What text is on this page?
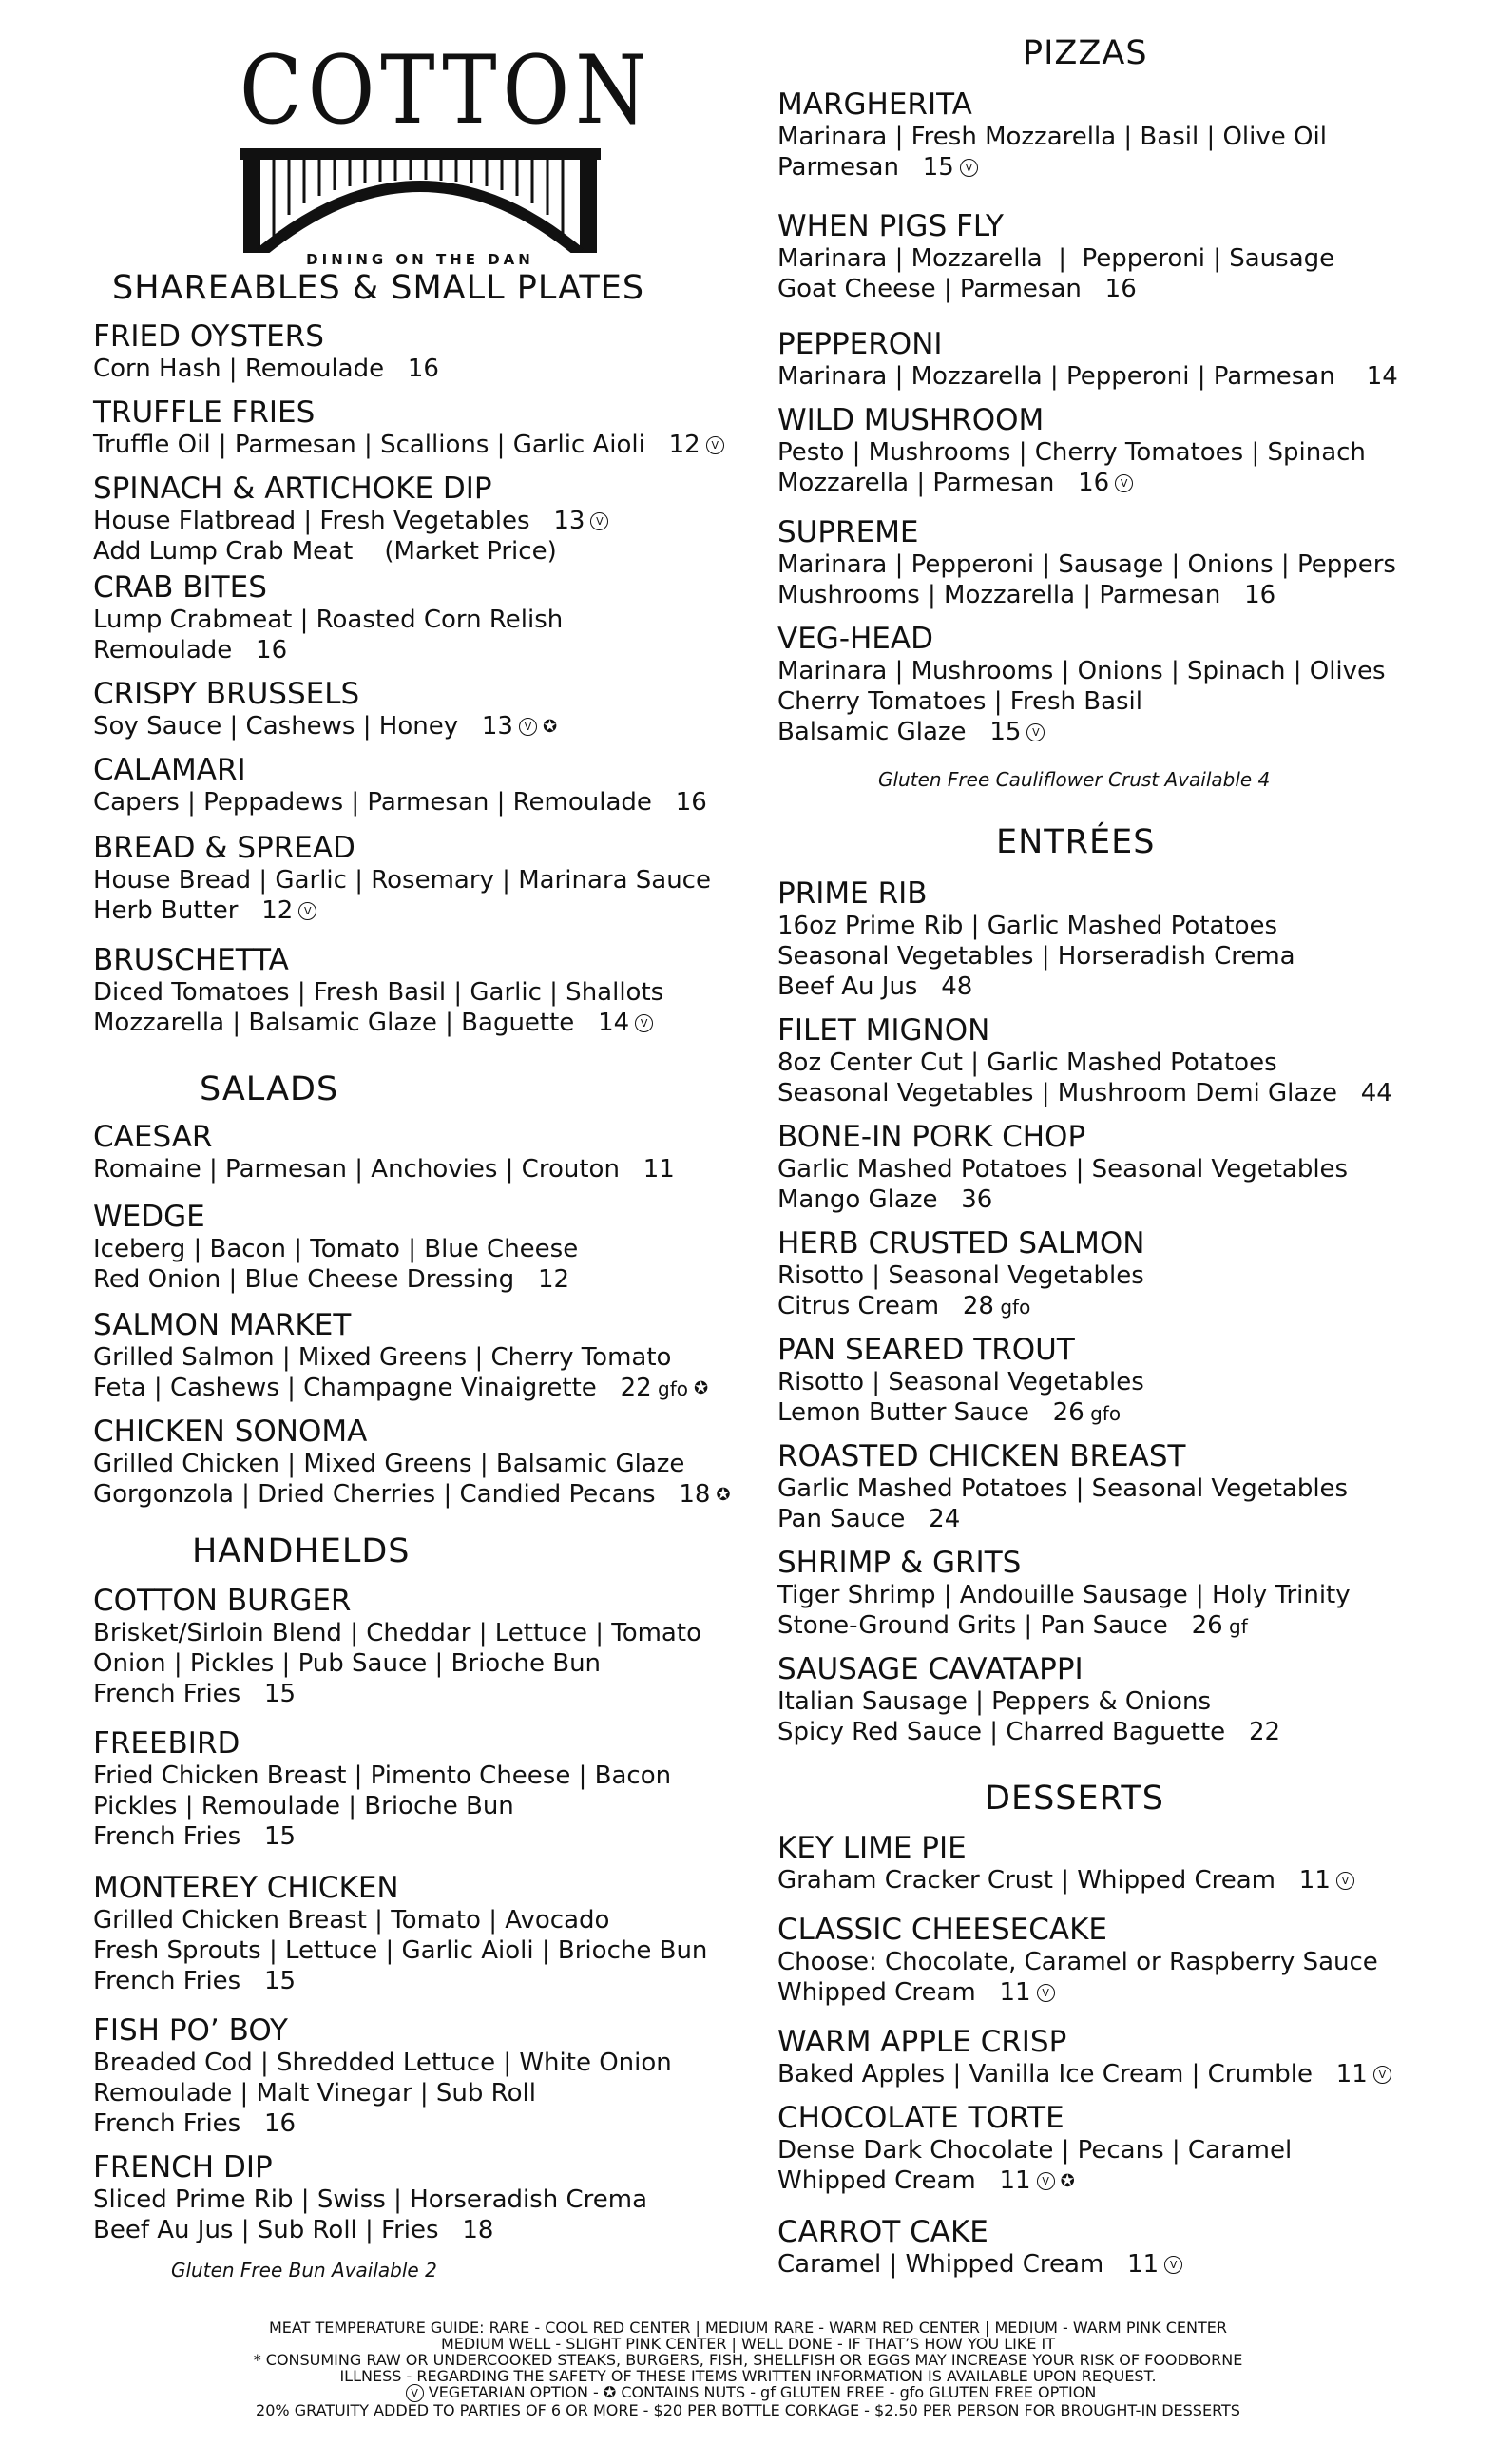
COTTON
DINING ON THE DAN
SHAREABLES & SMALL PLATES
FRIED OYSTERS
Corn Hash | Remoulade   16
TRUFFLE FRIES
Truffle Oil | Parmesan | Scallions | Garlic Aioli   12 V
SPINACH & ARTICHOKE DIP
House Flatbread | Fresh Vegetables   13 V
Add Lump Crab Meat    (Market Price)
CRAB BITES
Lump Crabmeat | Roasted Corn Relish
Remoulade   16
CRISPY BRUSSELS
Soy Sauce | Cashews | Honey   13 V ✪
CALAMARI
Capers | Peppadews | Parmesan | Remoulade   16
BREAD & SPREAD
House Bread | Garlic | Rosemary | Marinara Sauce
Herb Butter   12 V
BRUSCHETTA
Diced Tomatoes | Fresh Basil | Garlic | Shallots
Mozzarella | Balsamic Glaze | Baguette   14 V
SALADS
CAESAR
Romaine | Parmesan | Anchovies | Crouton   11
WEDGE
Iceberg | Bacon | Tomato | Blue Cheese
Red Onion | Blue Cheese Dressing   12
SALMON MARKET
Grilled Salmon | Mixed Greens | Cherry Tomato
Feta | Cashews | Champagne Vinaigrette   22 gfo ✪
CHICKEN SONOMA
Grilled Chicken | Mixed Greens | Balsamic Glaze
Gorgonzola | Dried Cherries | Candied Pecans   18 ✪
HANDHELDS
COTTON BURGER
Brisket/Sirloin Blend | Cheddar | Lettuce | Tomato
Onion | Pickles | Pub Sauce | Brioche Bun
French Fries   15
FREEBIRD
Fried Chicken Breast | Pimento Cheese | Bacon
Pickles | Remoulade | Brioche Bun
French Fries   15
MONTEREY CHICKEN
Grilled Chicken Breast | Tomato | Avocado
Fresh Sprouts | Lettuce | Garlic Aioli | Brioche Bun
French Fries   15
FISH PO’ BOY
Breaded Cod | Shredded Lettuce | White Onion
Remoulade | Malt Vinegar | Sub Roll
French Fries   16
FRENCH DIP
Sliced Prime Rib | Swiss | Horseradish Crema
Beef Au Jus | Sub Roll | Fries   18
Gluten Free Bun Available 2
PIZZAS
MARGHERITA
Marinara | Fresh Mozzarella | Basil | Olive Oil
Parmesan   15 V
WHEN PIGS FLY
Marinara | Mozzarella  |  Pepperoni | Sausage
Goat Cheese | Parmesan   16
PEPPERONI
Marinara | Mozzarella | Pepperoni | Parmesan    14
WILD MUSHROOM
Pesto | Mushrooms | Cherry Tomatoes | Spinach
Mozzarella | Parmesan   16 V
SUPREME
Marinara | Pepperoni | Sausage | Onions | Peppers
Mushrooms | Mozzarella | Parmesan   16
VEG-HEAD
Marinara | Mushrooms | Onions | Spinach | Olives
Cherry Tomatoes | Fresh Basil
Balsamic Glaze   15 V
Gluten Free Cauliflower Crust Available 4
ENTRÉES
PRIME RIB
16oz Prime Rib | Garlic Mashed Potatoes
Seasonal Vegetables | Horseradish Crema
Beef Au Jus   48
FILET MIGNON
8oz Center Cut | Garlic Mashed Potatoes
Seasonal Vegetables | Mushroom Demi Glaze   44
BONE-IN PORK CHOP
Garlic Mashed Potatoes | Seasonal Vegetables
Mango Glaze   36
HERB CRUSTED SALMON
Risotto | Seasonal Vegetables
Citrus Cream   28 gfo
PAN SEARED TROUT
Risotto | Seasonal Vegetables
Lemon Butter Sauce   26 gfo
ROASTED CHICKEN BREAST
Garlic Mashed Potatoes | Seasonal Vegetables
Pan Sauce   24
SHRIMP & GRITS
Tiger Shrimp | Andouille Sausage | Holy Trinity
Stone-Ground Grits | Pan Sauce   26 gf
SAUSAGE CAVATAPPI
Italian Sausage | Peppers & Onions
Spicy Red Sauce | Charred Baguette   22
DESSERTS
KEY LIME PIE
Graham Cracker Crust | Whipped Cream   11 V
CLASSIC CHEESECAKE
Choose: Chocolate, Caramel or Raspberry Sauce
Whipped Cream   11 V
WARM APPLE CRISP
Baked Apples | Vanilla Ice Cream | Crumble   11 V
CHOCOLATE TORTE
Dense Dark Chocolate | Pecans | Caramel
Whipped Cream   11 V ✪
CARROT CAKE
Caramel | Whipped Cream   11 V
MEAT TEMPERATURE GUIDE: RARE - COOL RED CENTER | MEDIUM RARE - WARM RED CENTER | MEDIUM - WARM PINK CENTER
MEDIUM WELL - SLIGHT PINK CENTER | WELL DONE - IF THAT’S HOW YOU LIKE IT
* CONSUMING RAW OR UNDERCOOKED STEAKS, BURGERS, FISH, SHELLFISH OR EGGS MAY INCREASE YOUR RISK OF FOODBORNE
ILLNESS - REGARDING THE SAFETY OF THESE ITEMS WRITTEN INFORMATION IS AVAILABLE UPON REQUEST.
V VEGETARIAN OPTION - ✪ CONTAINS NUTS - gf GLUTEN FREE - gfo GLUTEN FREE OPTION
20% GRATUITY ADDED TO PARTIES OF 6 OR MORE - $20 PER BOTTLE CORKAGE - $2.50 PER PERSON FOR BROUGHT-IN DESSERTS
